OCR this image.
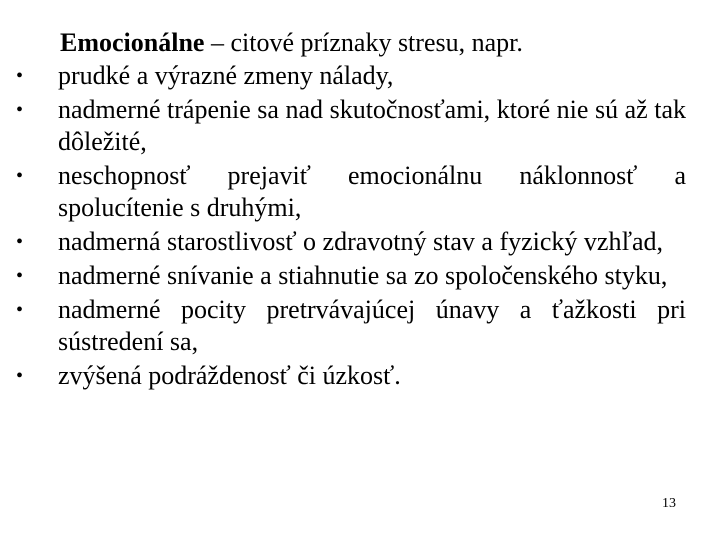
Emocionálne – citové príznaky stresu, napr.
• prudké a výrazné zmeny nálady,
• nadmerné trápenie sa nad skutočnosťami, ktoré nie sú až tak dôležité,
• neschopnosť prejaviť emocionálnu náklonnosť a spolucítenie s druhými,
• nadmerná starostlivosť o zdravotný stav a fyzický vzhľad,
• nadmerné snívanie a stiahnutie sa zo spoločenského styku,
• nadmerné pocity pretrvávajúcej únavy a ťažkosti pri sústredení sa,
• zvýšená podráždenosť či úzkosť.
13
